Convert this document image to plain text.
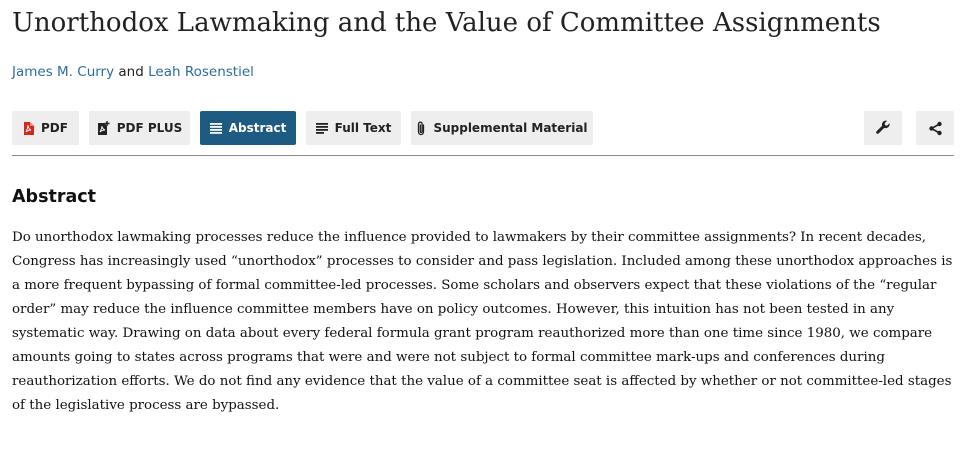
Unorthodox Lawmaking and the Value of Committee Assignments
James M. Curry and Leah Rosenstiel
PDF	PDF PLUS	Abstract	Full Text	Supplemental Material
Abstract

Do unorthodox lawmaking processes reduce the influence provided to lawmakers by their committee assignments? In recent decades, Congress has increasingly used “unorthodox” processes to consider and pass legislation. Included among these unorthodox approaches is a more frequent bypassing of formal committee-led processes. Some scholars and observers expect that these violations of the “regular order” may reduce the influence committee members have on policy outcomes. However, this intuition has not been tested in any systematic way. Drawing on data about every federal formula grant program reauthorized more than one time since 1980, we compare amounts going to states across programs that were and were not subject to formal committee mark-ups and conferences during reauthorization efforts. We do not find any evidence that the value of a committee seat is affected by whether or not committee-led stages of the legislative process are bypassed.
